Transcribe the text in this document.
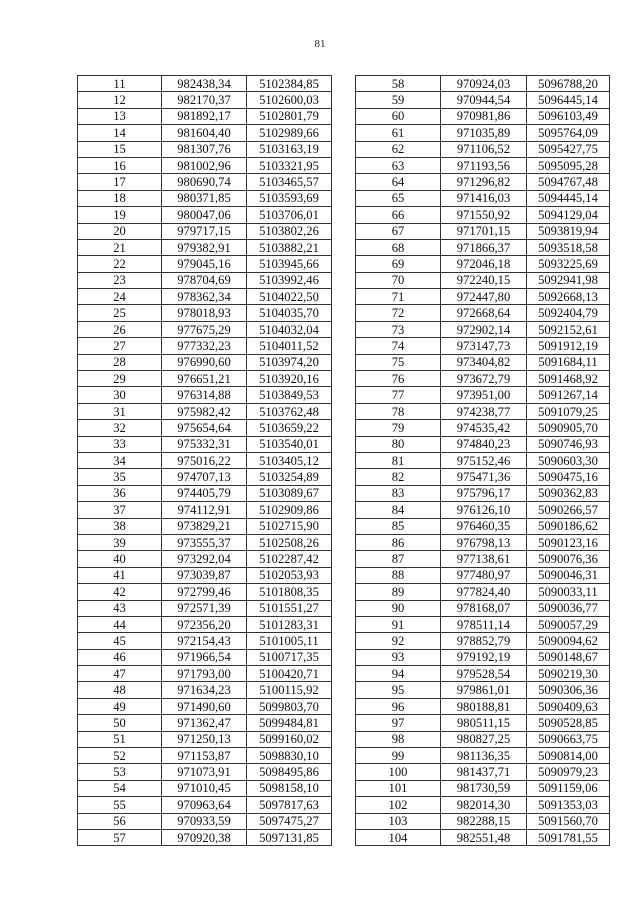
81
11	982438,34	5102384,85
12	982170,37	5102600,03
13	981892,17	5102801,79
14	981604,40	5102989,66
15	981307,76	5103163,19
16	981002,96	5103321,95
17	980690,74	5103465,57
18	980371,85	5103593,69
19	980047,06	5103706,01
20	979717,15	5103802,26
21	979382,91	5103882,21
22	979045,16	5103945,66
23	978704,69	5103992,46
24	978362,34	5104022,50
25	978018,93	5104035,70
26	977675,29	5104032,04
27	977332,23	5104011,52
28	976990,60	5103974,20
29	976651,21	5103920,16
30	976314,88	5103849,53
31	975982,42	5103762,48
32	975654,64	5103659,22
33	975332,31	5103540,01
34	975016,22	5103405,12
35	974707,13	5103254,89
36	974405,79	5103089,67
37	974112,91	5102909,86
38	973829,21	5102715,90
39	973555,37	5102508,26
40	973292,04	5102287,42
41	973039,87	5102053,93
42	972799,46	5101808,35
43	972571,39	5101551,27
44	972356,20	5101283,31
45	972154,43	5101005,11
46	971966,54	5100717,35
47	971793,00	5100420,71
48	971634,23	5100115,92
49	971490,60	5099803,70
50	971362,47	5099484,81
51	971250,13	5099160,02
52	971153,87	5098830,10
53	971073,91	5098495,86
54	971010,45	5098158,10
55	970963,64	5097817,63
56	970933,59	5097475,27
57	970920,38	5097131,85
58	970924,03	5096788,20
59	970944,54	5096445,14
60	970981,86	5096103,49
61	971035,89	5095764,09
62	971106,52	5095427,75
63	971193,56	5095095,28
64	971296,82	5094767,48
65	971416,03	5094445,14
66	971550,92	5094129,04
67	971701,15	5093819,94
68	971866,37	5093518,58
69	972046,18	5093225,69
70	972240,15	5092941,98
71	972447,80	5092668,13
72	972668,64	5092404,79
73	972902,14	5092152,61
74	973147,73	5091912,19
75	973404,82	5091684,11
76	973672,79	5091468,92
77	973951,00	5091267,14
78	974238,77	5091079,25
79	974535,42	5090905,70
80	974840,23	5090746,93
81	975152,46	5090603,30
82	975471,36	5090475,16
83	975796,17	5090362,83
84	976126,10	5090266,57
85	976460,35	5090186,62
86	976798,13	5090123,16
87	977138,61	5090076,36
88	977480,97	5090046,31
89	977824,40	5090033,11
90	978168,07	5090036,77
91	978511,14	5090057,29
92	978852,79	5090094,62
93	979192,19	5090148,67
94	979528,54	5090219,30
95	979861,01	5090306,36
96	980188,81	5090409,63
97	980511,15	5090528,85
98	980827,25	5090663,75
99	981136,35	5090814,00
100	981437,71	5090979,23
101	981730,59	5091159,06
102	982014,30	5091353,03
103	982288,15	5091560,70
104	982551,48	5091781,55
